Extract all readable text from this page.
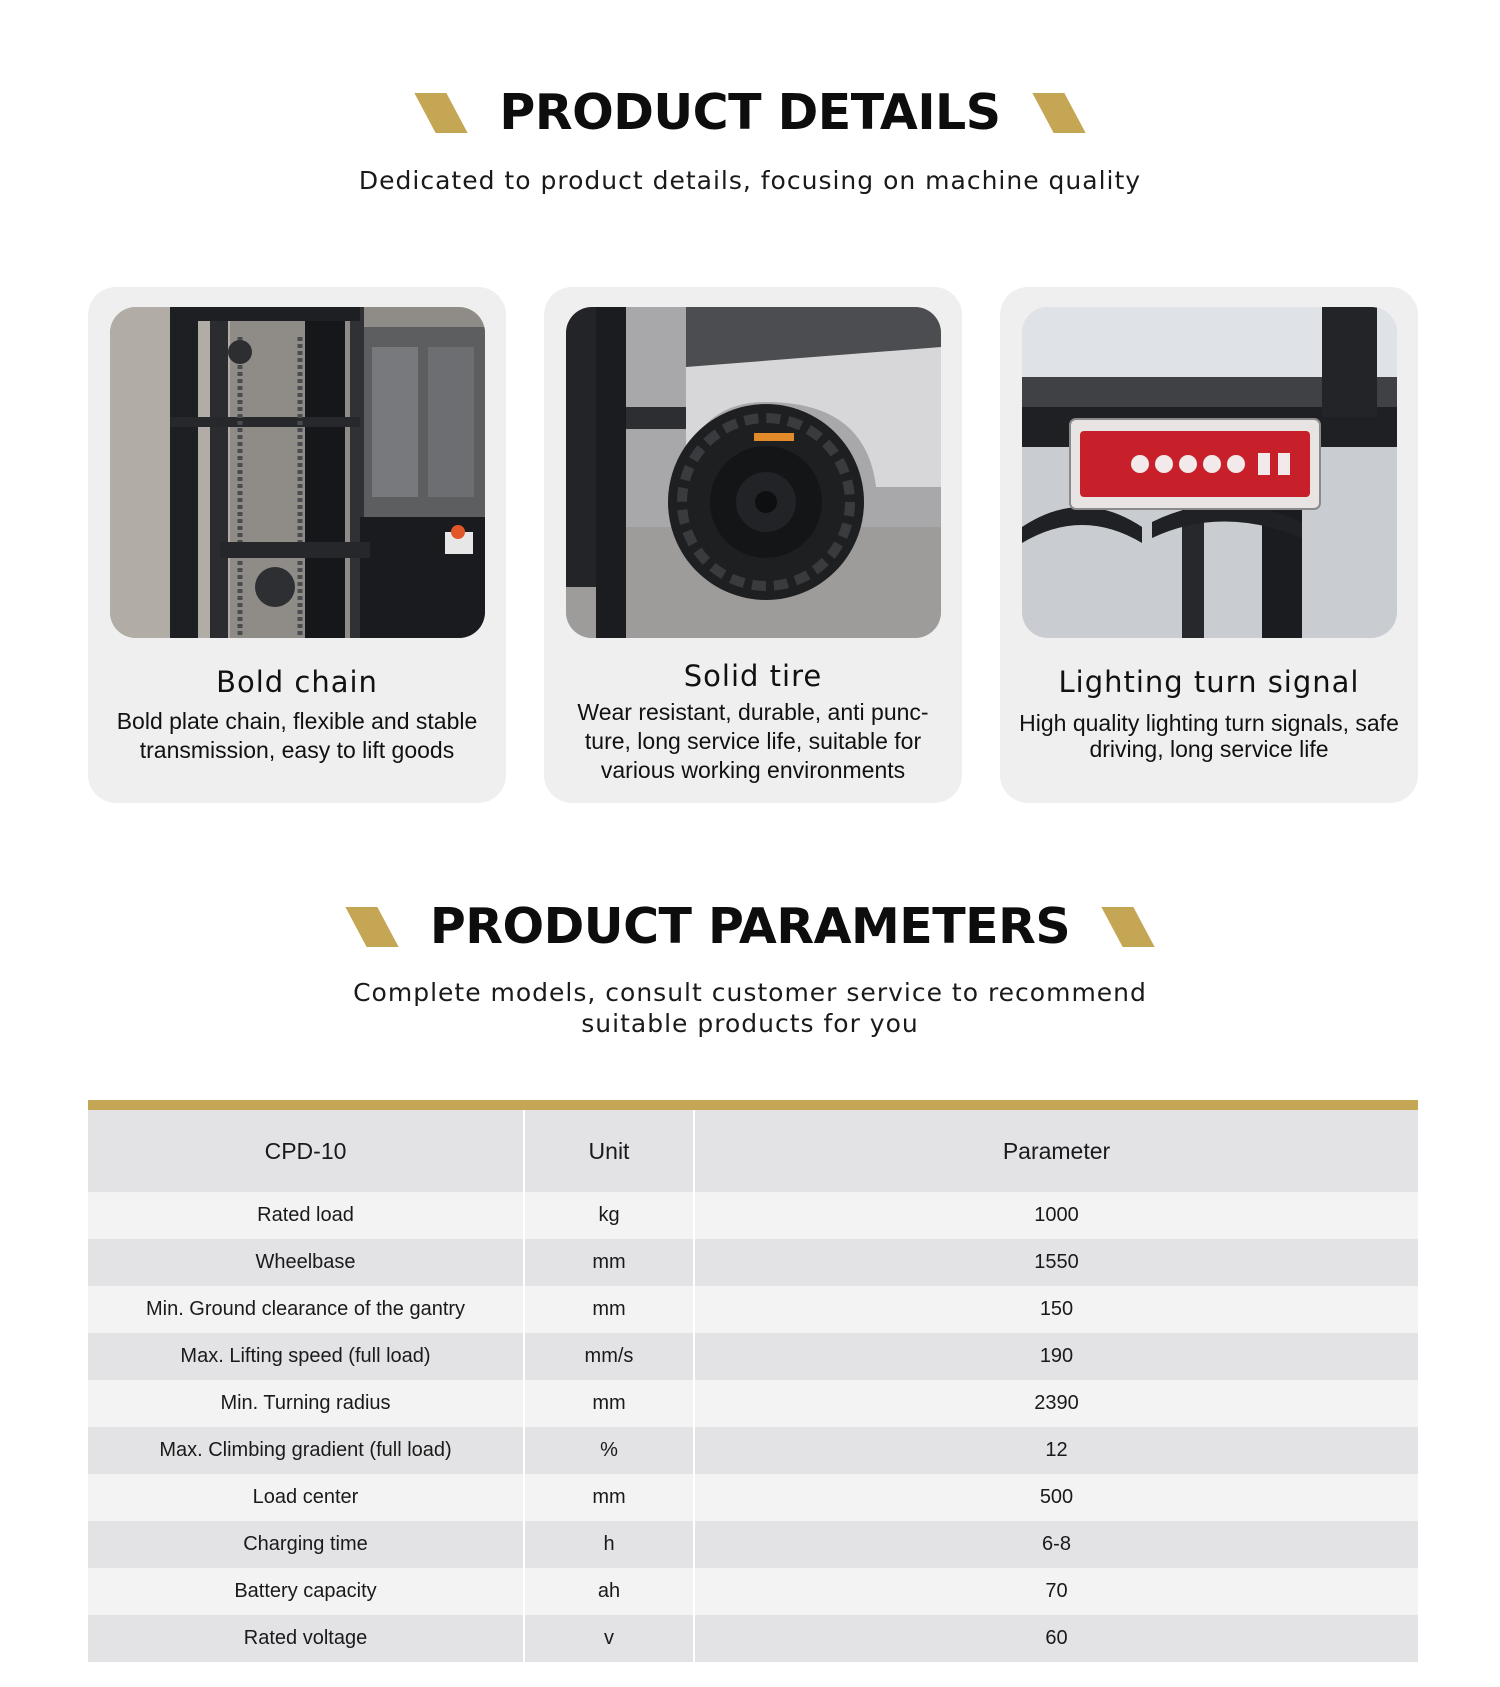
PRODUCT DETAILS
Dedicated to product details, focusing on machine quality
Bold chain
Bold plate chain, flexible and stable transmission, easy to lift goods
Solid tire
Wear resistant, durable, anti punc-ture, long service life, suitable for various working environments
Lighting turn signal
High quality lighting turn signals, safe driving, long service life
PRODUCT PARAMETERS
Complete models, consult customer service to recommend suitable products for you
CPD-10	Unit	Parameter
Rated load	kg	1000
Wheelbase	mm	1550
Min. Ground clearance of the gantry	mm	150
Max. Lifting speed (full load)	mm/s	190
Min. Turning radius	mm	2390
Max. Climbing gradient (full load)	%	12
Load center	mm	500
Charging time	h	6-8
Battery capacity	ah	70
Rated voltage	v	60
